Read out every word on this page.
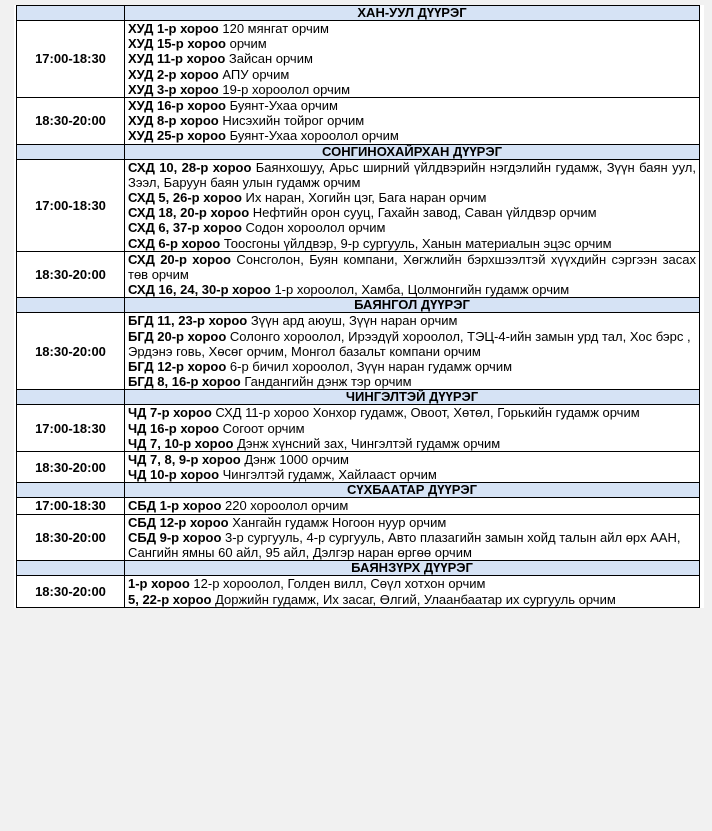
	ХАН-УУЛ ДҮҮРЭГ
17:00-18:30	ХУД 1-р хороо 120 мянгат орчим
ХУД 15-р хороо орчим
ХУД 11-р хороо Зайсан орчим
ХУД 2-р хороо АПУ орчим
ХУД 3-р хороо 19-р хороолол орчим

18:30-20:00	ХУД 16-р хороо Буянт-Ухаа орчим
ХУД 8-р хороо Нисэхийн тойрог орчим
ХУД 25-р хороо Буянт-Ухаа хороолол орчим

	СОНГИНОХАЙРХАН ДҮҮРЭГ
17:00-18:30	СХД 10, 28-р хороо Баянхошуу, Арьс ширний үйлдвэрийн нэгдэлийн гудамж, Зүүн баян уул, Зээл, Баруун баян улын гудамж орчим
СХД 5, 26-р хороо Их наран, Хогийн цэг, Бага наран орчим
СХД 18, 20-р хороо Нефтийн орон сууц, Гахайн завод, Саван үйлдвэр орчим
СХД 6, 37-р хороо Содон хороолол орчим
СХД 6-р хороо Тоосгоны үйлдвэр, 9-р сургууль, Ханын материалын эцэс орчим

18:30-20:00	СХД 20-р хороо Сонсголон, Буян компани, Хөгжлийн бэрхшээлтэй хүүхдийн сэргээн засах төв орчим
СХД 16, 24, 30-р хороо 1-р хороолол, Хамба, Цолмонгийн гудамж орчим

	БАЯНГОЛ ДҮҮРЭГ
18:30-20:00	БГД 11, 23-р хороо Зүүн ард аюуш, Зүүн наран орчим
БГД 20-р хороо Солонго хороолол, Ирээдүй хороолол, ТЭЦ-4-ийн замын урд тал, Хос бэрс , Эрдэнэ говь, Хөсөг орчим, Монгол базальт компани орчим
БГД 12-р хороо 6-р бичил хороолол, Зүүн наран гудамж орчим
БГД 8, 16-р хороо Гандангийн дэнж тэр орчим

	ЧИНГЭЛТЭЙ ДҮҮРЭГ
17:00-18:30	ЧД 7-р хороо СХД 11-р хороо Хонхор гудамж, Овоот, Хөтөл, Горькийн гудамж орчим
ЧД 16-р хороо Согоот орчим
ЧД 7, 10-р хороо Дэнж хүнсний зах, Чингэлтэй гудамж орчим

18:30-20:00	ЧД 7, 8, 9-р хороо Дэнж 1000 орчим
ЧД 10-р хороо Чингэлтэй гудамж, Хайлааст орчим

	СҮХБААТАР ДҮҮРЭГ
17:00-18:30	СБД 1-р хороо 220 хороолол орчим

18:30-20:00	СБД 12-р хороо Хангайн гудамж Ногоон нуур орчим
СБД 9-р хороо 3-р сургууль, 4-р сургууль, Авто плазагийн замын хойд талын айл өрх ААН, Сангийн ямны 60 айл, 95 айл, Дэлгэр наран өргөө орчим

	БАЯНЗҮРХ ДҮҮРЭГ
18:30-20:00	1-р хороо 12-р хороолол, Голден вилл, Сөүл хотхон орчим
5, 22-р хороо Доржийн гудамж, Их засаг, Өлгий, Улаанбаатар их сургууль орчим
